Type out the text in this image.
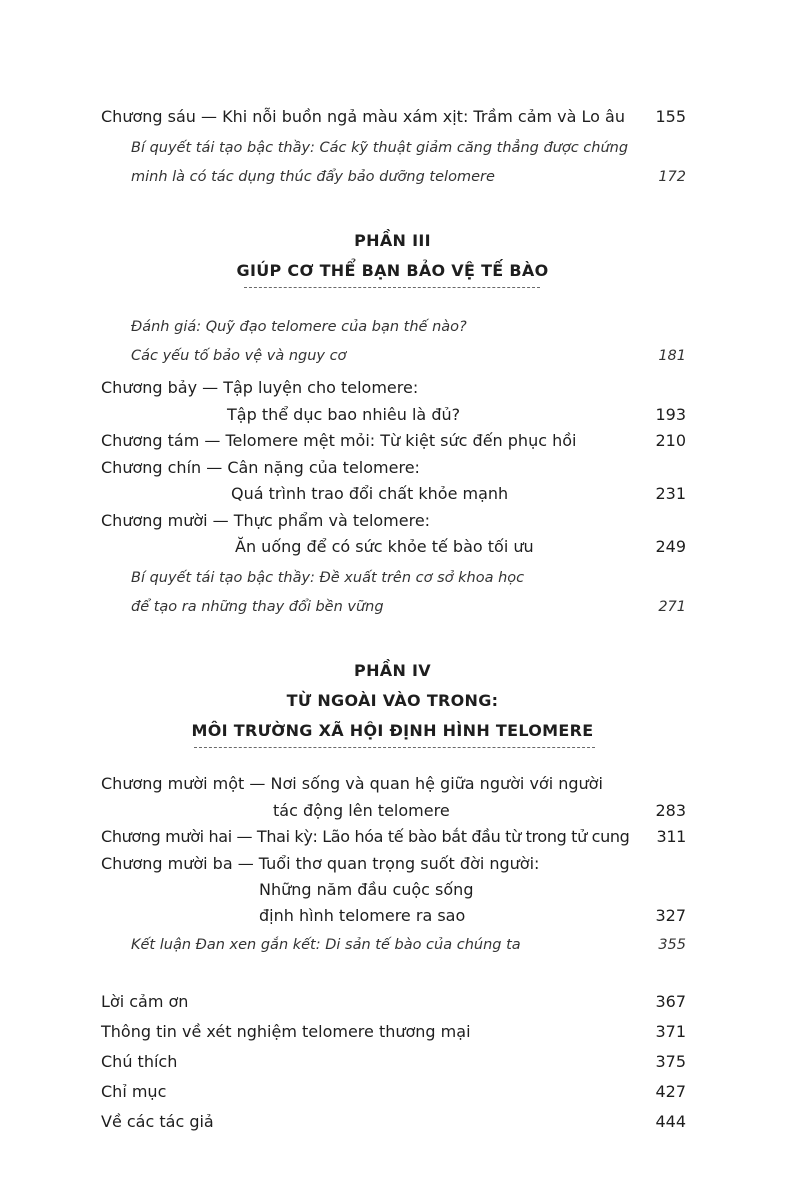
Chương sáu — Khi nỗi buồn ngả màu xám xịt: Trầm cảm và Lo âu 155
Bí quyết tái tạo bậc thầy: Các kỹ thuật giảm căng thẳng được chứng
minh là có tác dụng thúc đẩy bảo dưỡng telomere	172
PHẦN III
GIÚP CƠ THỂ BẠN BẢO VỆ TẾ BÀO
Đánh giá: Quỹ đạo telomere của bạn thế nào?
Các yếu tố bảo vệ và nguy cơ	181
Chương bảy — Tập luyện cho telomere:
Tập thể dục bao nhiêu là đủ?	193
Chương tám — Telomere mệt mỏi: Từ kiệt sức đến phục hồi	210
Chương chín — Cân nặng của telomere:
Quá trình trao đổi chất khỏe mạnh	231
Chương mười — Thực phẩm và telomere:
Ăn uống để có sức khỏe tế bào tối ưu	249
Bí quyết tái tạo bậc thầy: Đề xuất trên cơ sở khoa học
để tạo ra những thay đổi bền vững	271
PHẦN IV
TỪ NGOÀI VÀO TRONG:
MÔI TRƯỜNG XÃ HỘI ĐỊNH HÌNH TELOMERE
Chương mười một — Nơi sống và quan hệ giữa người với người
tác động lên telomere	283
Chương mười hai — Thai kỳ: Lão hóa tế bào bắt đầu từ trong tử cung 311
Chương mười ba — Tuổi thơ quan trọng suốt đời người:
Những năm đầu cuộc sống
định hình telomere ra sao	327
Kết luận Đan xen gắn kết: Di sản tế bào của chúng ta	355
Lời cảm ơn	367
Thông tin về xét nghiệm telomere thương mại	371
Chú thích	375
Chỉ mục	427
Về các tác giả	444
